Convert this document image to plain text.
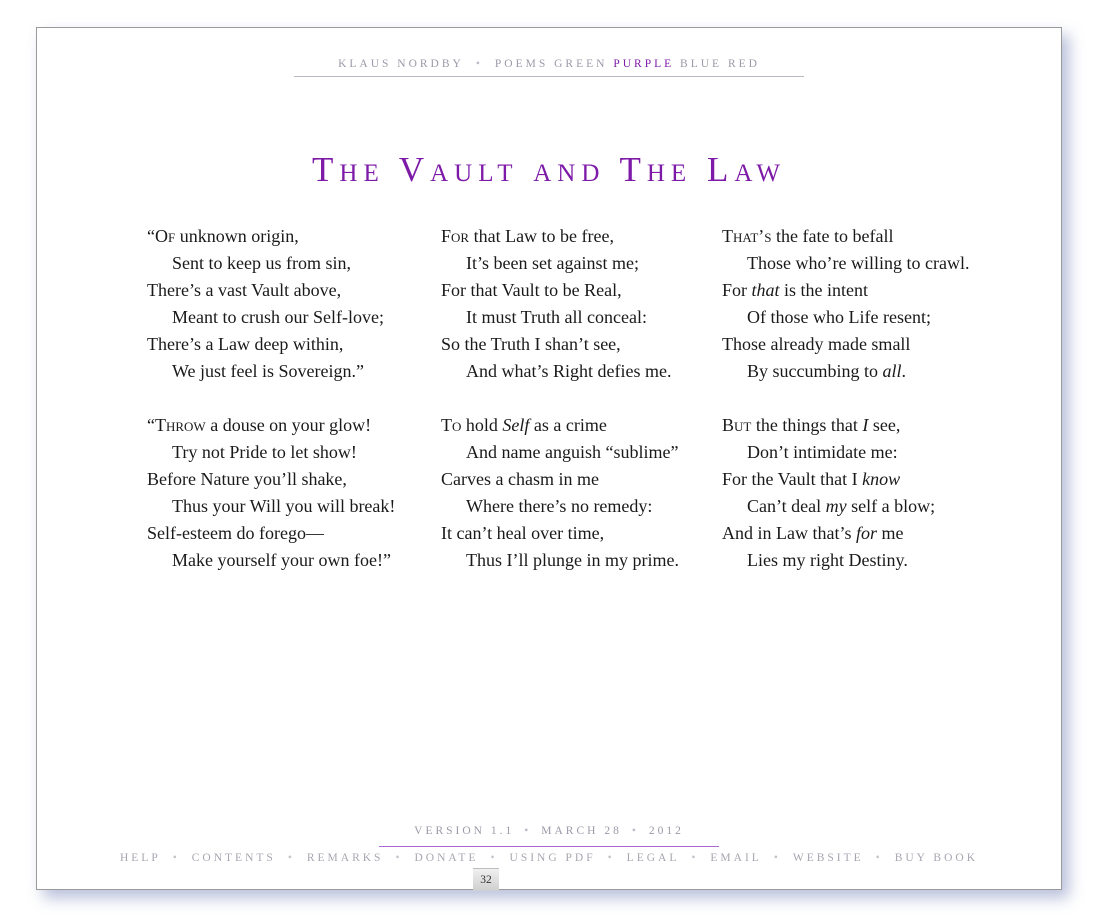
KLAUS NORDBY • POEMS GREEN PURPLE BLUE RED
The Vault and The Law
“Of unknown origin,
Sent to keep us from sin,
There’s a vast Vault above,
Meant to crush our Self-love;
There’s a Law deep within,
We just feel is Sovereign.”
“Throw a douse on your glow!
Try not Pride to let show!
Before Nature you’ll shake,
Thus your Will you will break!
Self-esteem do forego—
Make yourself your own foe!”
For that Law to be free,
It’s been set against me;
For that Vault to be Real,
It must Truth all conceal:
So the Truth I shan’t see,
And what’s Right defies me.
To hold Self as a crime
And name anguish “sublime”
Carves a chasm in me
Where there’s no remedy:
It can’t heal over time,
Thus I’ll plunge in my prime.
That’s the fate to befall
Those who’re willing to crawl.
For that is the intent
Of those who Life resent;
Those already made small
By succumbing to all.
But the things that I see,
Don’t intimidate me:
For the Vault that I know
Can’t deal my self a blow;
And in Law that’s for me
Lies my right Destiny.
VERSION 1.1 • MARCH 28 • 2012
HELP • CONTENTS • REMARKS • DONATE • USING PDF • LEGAL • EMAIL • WEBSITE • BUY BOOK
32
